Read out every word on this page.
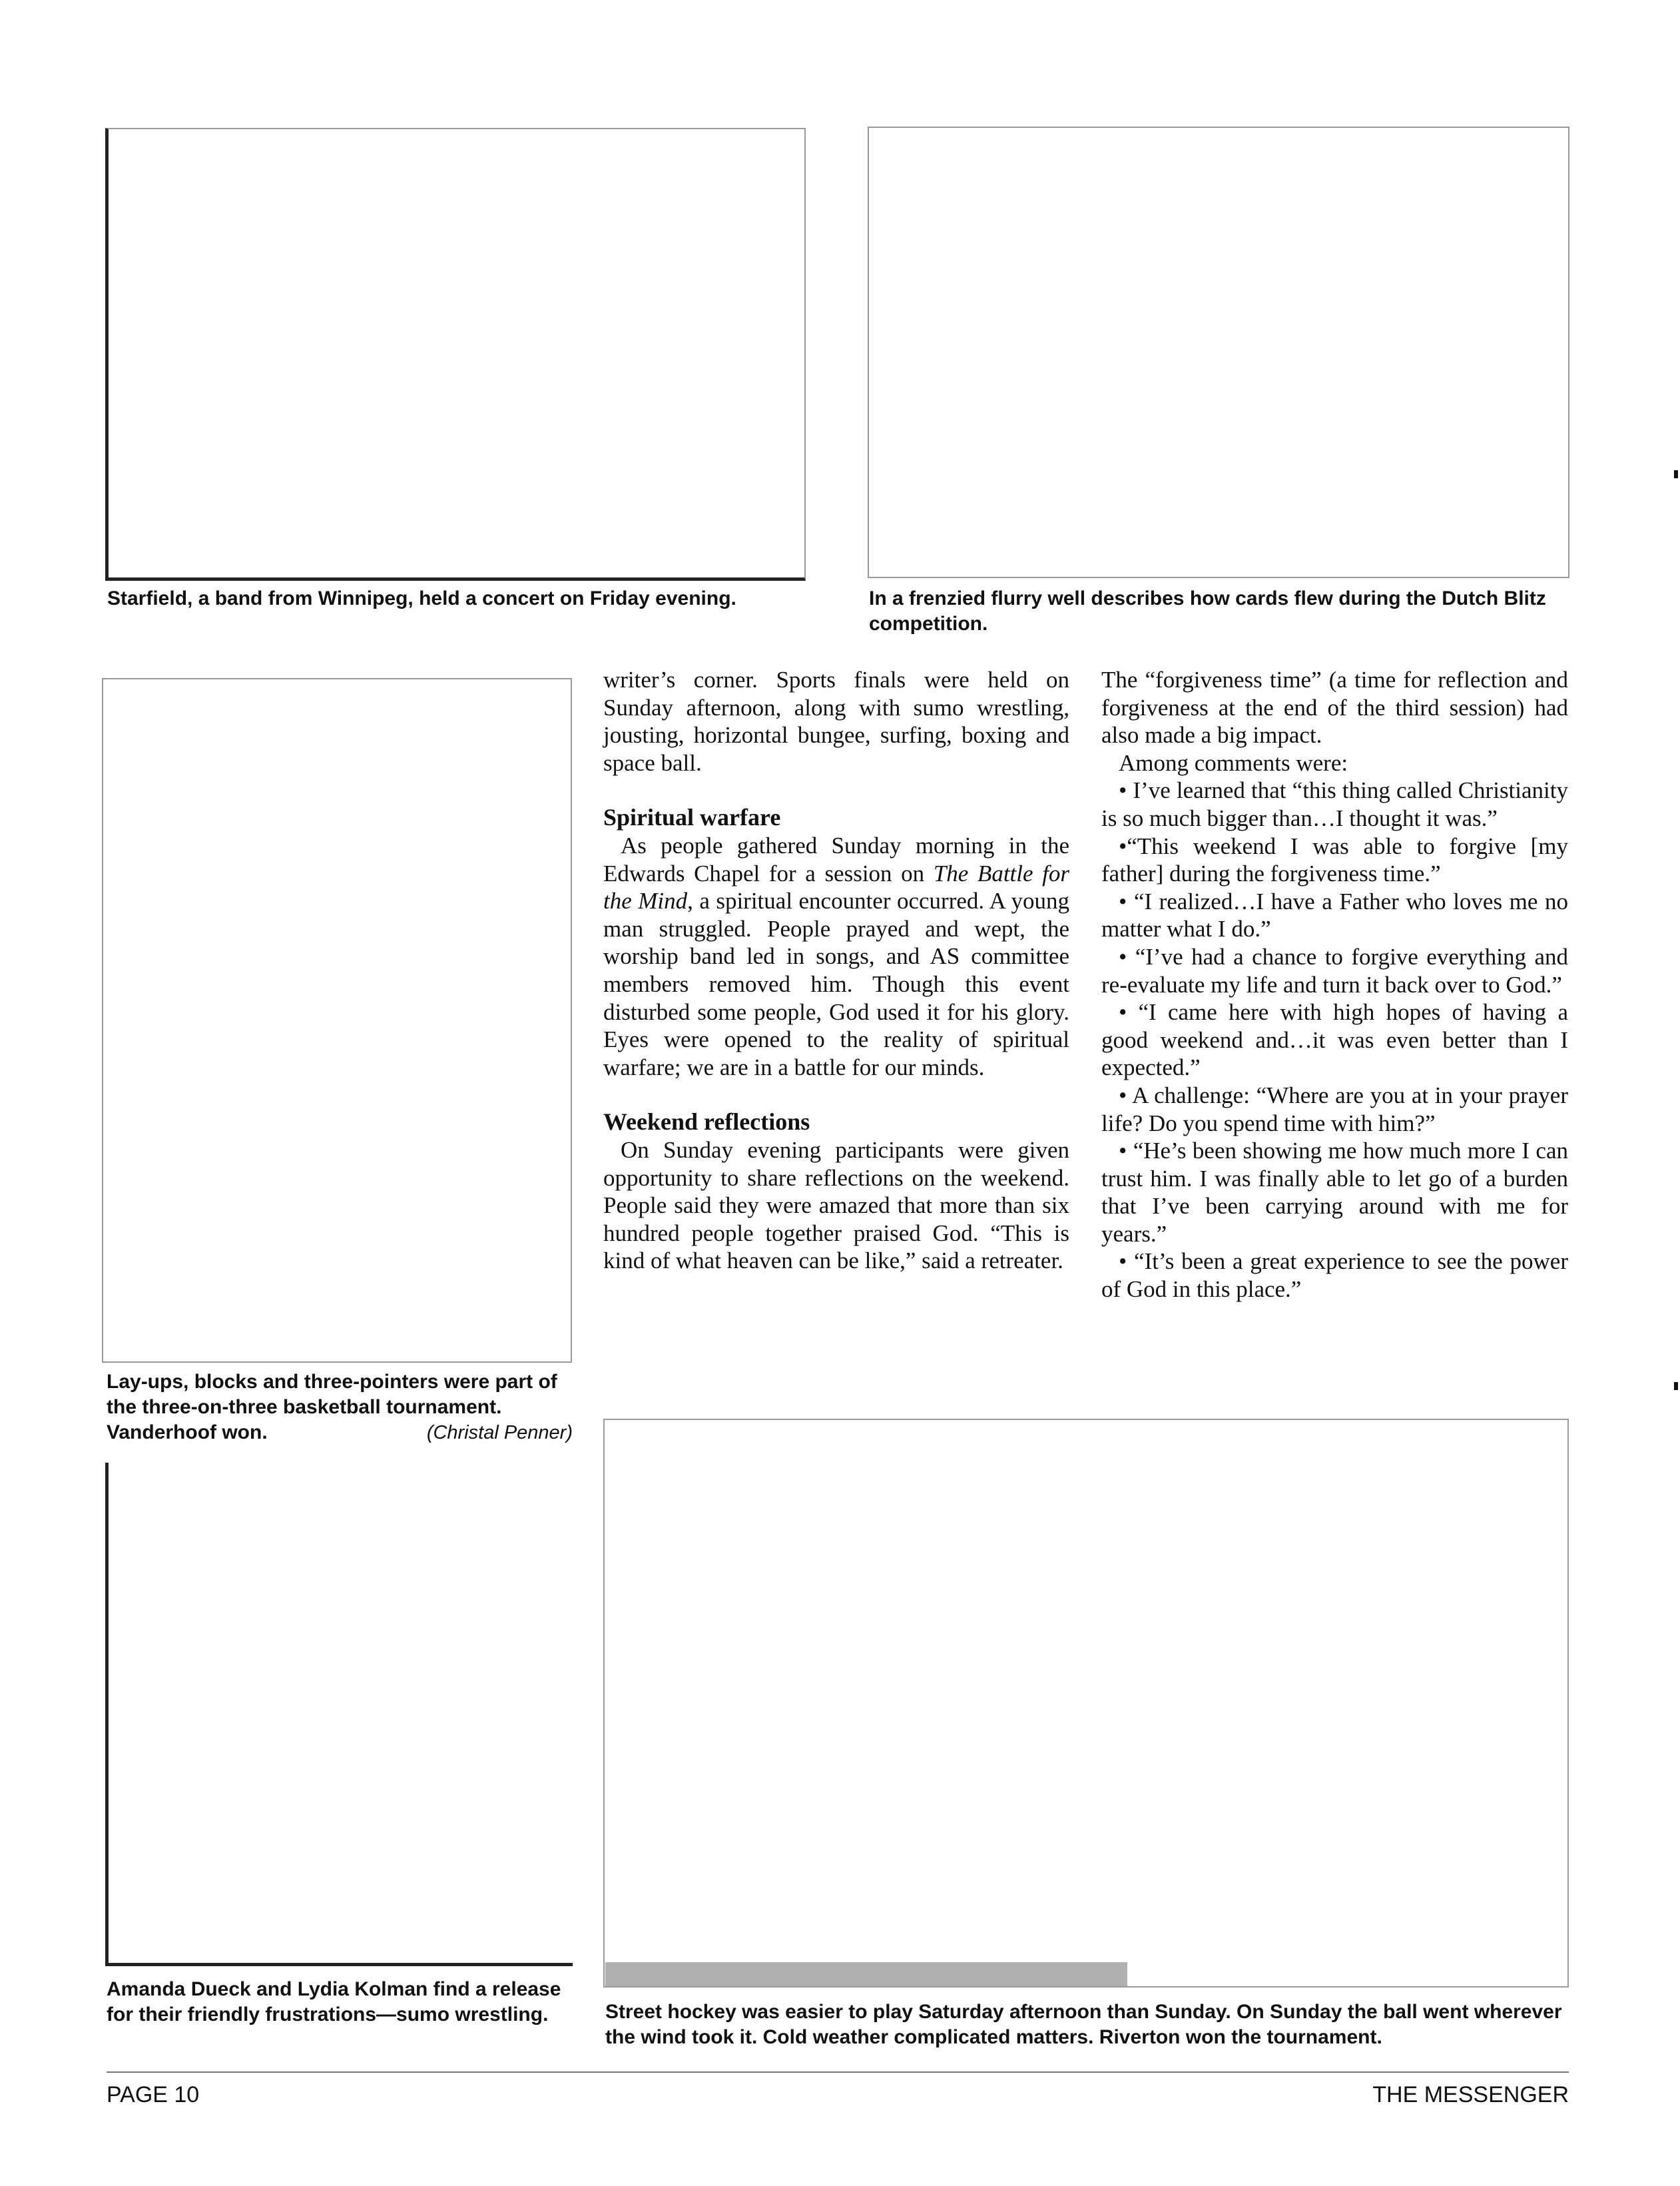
Starfield, a band from Winnipeg, held a concert on Friday evening.	In a frenzied flurry well describes how cards flew during the Dutch Blitz competition.
Lay-ups, blocks and three-pointers were part of the three-on-three basketball tournament. Vanderhoof won.	(Christal Penner)

writer’s corner. Sports finals were held on Sunday afternoon, along with sumo wrestling, jousting, horizontal bungee, surfing, boxing and space ball.

Spiritual warfare

As people gathered Sunday morning in the Edwards Chapel for a session on The Battle for the Mind, a spiritual encounter occurred. A young man struggled. People prayed and wept, the worship band led in songs, and AS committee members removed him. Though this event disturbed some people, God used it for his glory. Eyes were opened to the reality of spiritual warfare; we are in a battle for our minds.

Weekend reflections

On Sunday evening participants were given opportunity to share reflections on the weekend. People said they were amazed that more than six hundred people together praised God. “This is kind of what heaven can be like,” said a retreater.

The “forgiveness time” (a time for reflection and forgiveness at the end of the third session) had also made a big impact.

Among comments were:

• I’ve learned that “this thing called Christianity is so much bigger than…I thought it was.”

•“This weekend I was able to forgive [my father] during the forgiveness time.”

• “I realized…I have a Father who loves me no matter what I do.”

• “I’ve had a chance to forgive everything and re-evaluate my life and turn it back over to God.”

• “I came here with high hopes of having a good weekend and…it was even better than I expected.”

• A challenge: “Where are you at in your prayer life? Do you spend time with him?”

• “He’s been showing me how much more I can trust him. I was finally able to let go of a burden that I’ve been carrying around with me for years.”

• “It’s been a great experience to see the power of God in this place.”

Amanda Dueck and Lydia Kolman find a release for their friendly frustrations—sumo wrestling.	Street hockey was easier to play Saturday afternoon than Sunday. On Sunday the ball went wherever the wind took it. Cold weather complicated matters. Riverton won the tournament.
PAGE 10	THE MESSENGER
